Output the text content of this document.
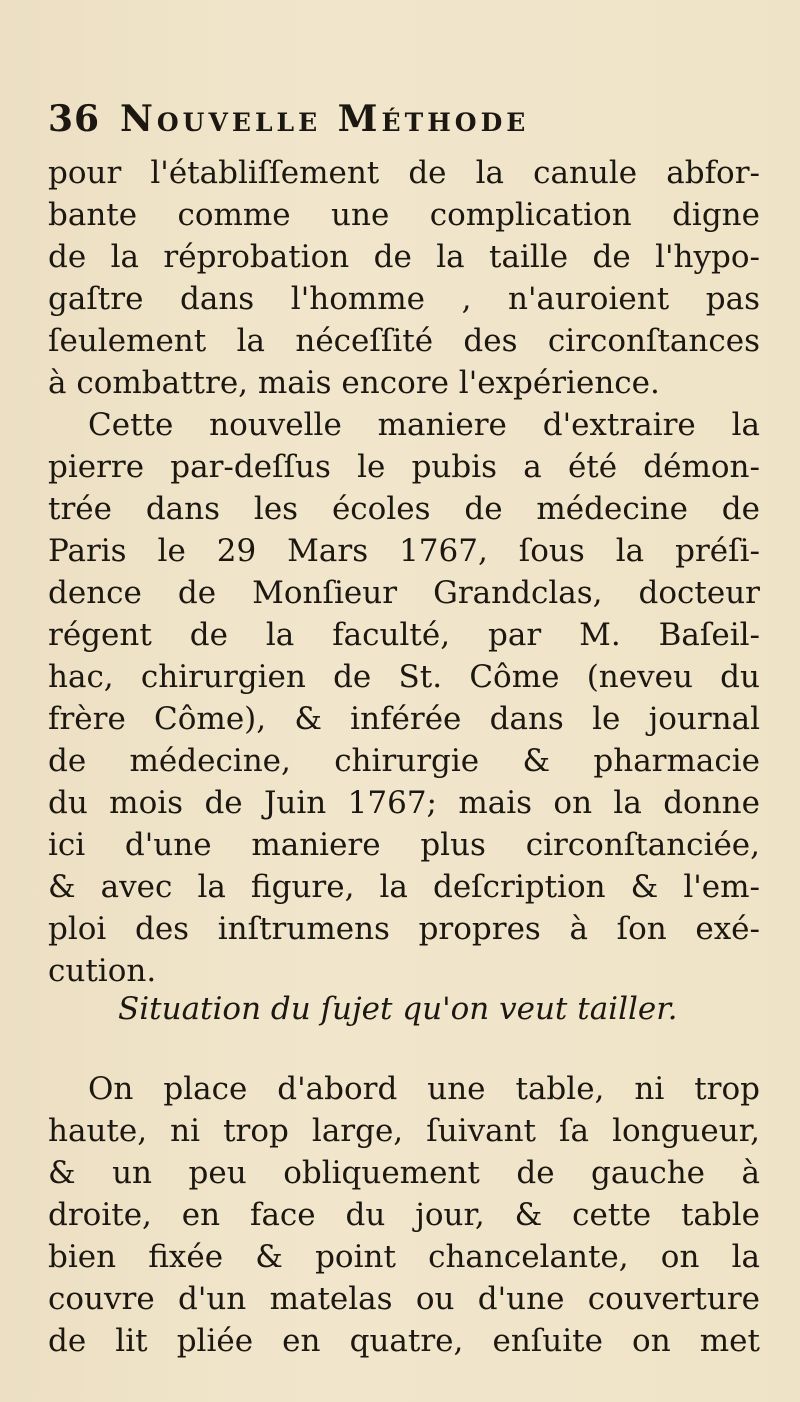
36 Nouvelle Méthode
pour l'établiſſement de la canule abfor-
bante comme une complication digne
de la réprobation de la taille de l'hypo-
gaſtre dans l'homme , n'auroient pas
ſeulement la néceſſité des circonſtances
à combattre, mais encore l'expérience.
Cette nouvelle maniere d'extraire la
pierre par-deſſus le pubis a été démon-
trée dans les écoles de médecine de
Paris le 29 Mars 1767, ſous la préſi-
dence de Monſieur Grandclas, docteur
régent de la faculté, par M. Baſeil-
hac, chirurgien de St. Côme (neveu du
frère Côme), & inférée dans le journal
de médecine, chirurgie & pharmacie
du mois de Juin 1767; mais on la donne
ici d'une maniere plus circonſtanciée,
& avec la figure, la deſcription & l'em-
ploi des inſtrumens propres à ſon exé-
cution.
Situation du ſujet qu'on veut tailler.
On place d'abord une table, ni trop
haute, ni trop large, ſuivant ſa longueur,
& un peu obliquement de gauche à
droite, en face du jour, & cette table
bien fixée & point chancelante, on la
couvre d'un matelas ou d'une couverture
de lit pliée en quatre, enſuite on met
